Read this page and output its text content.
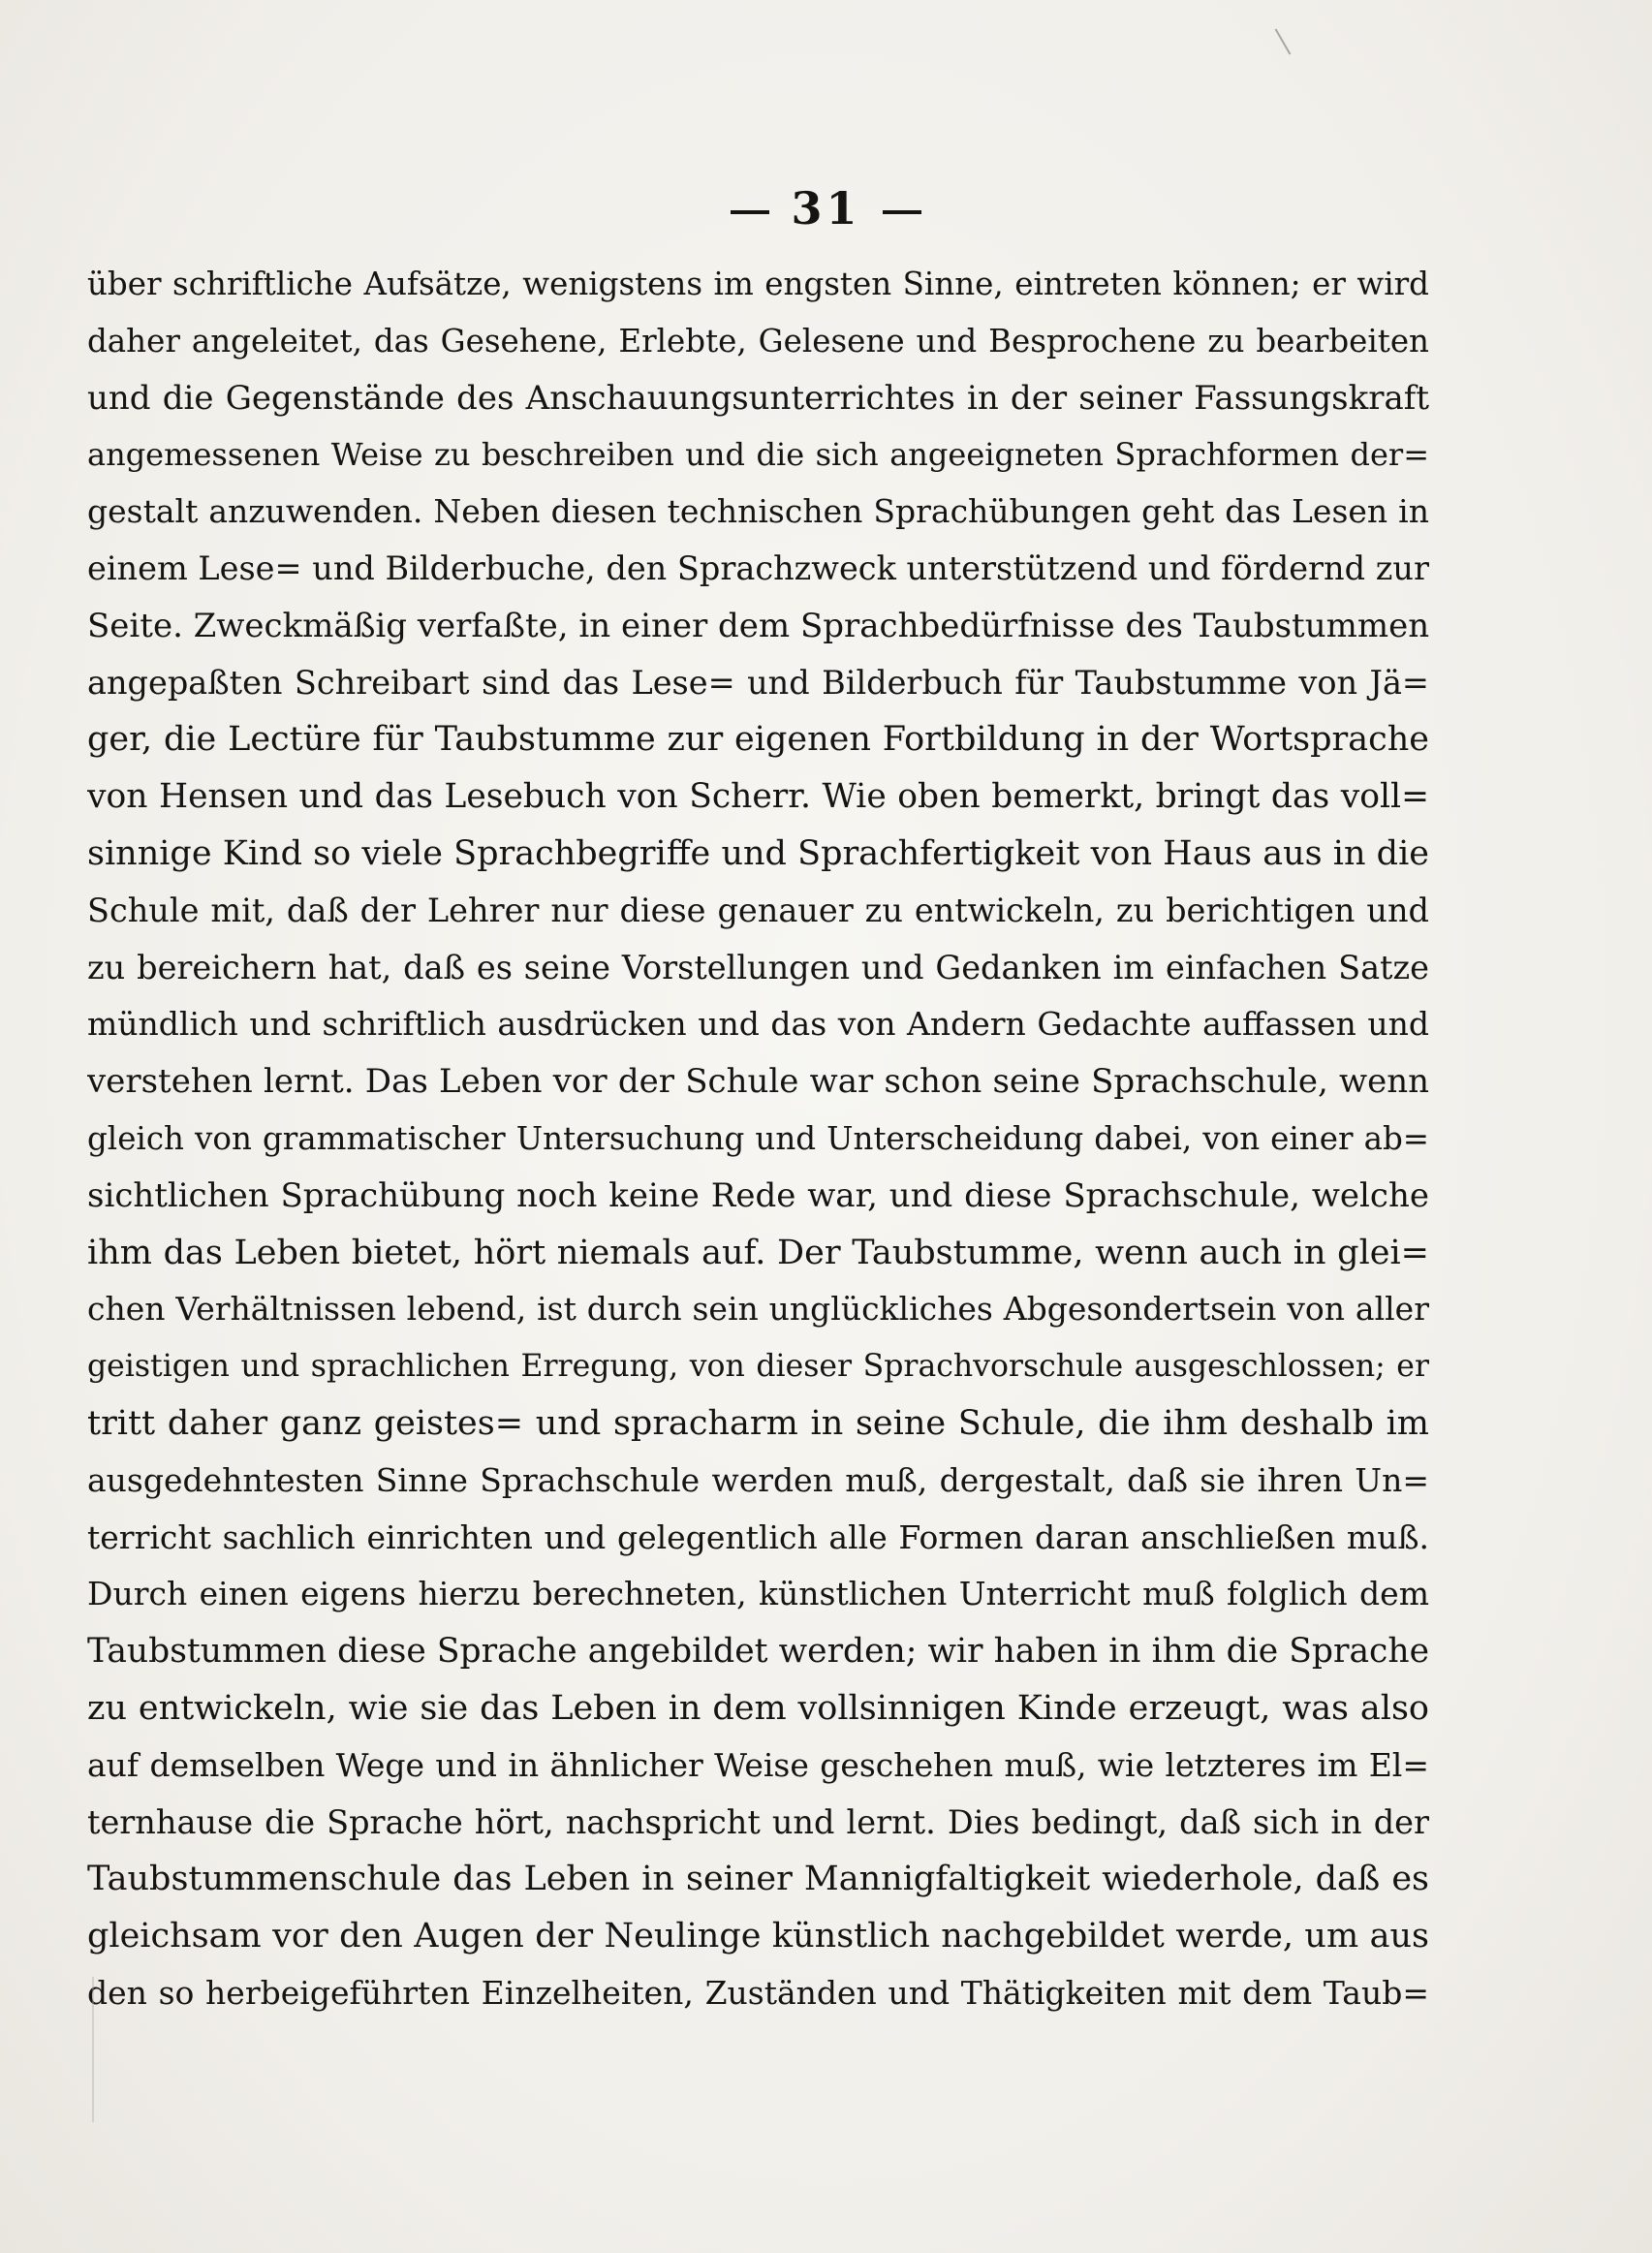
31
über schriftliche Aufsätze, wenigstens im engsten Sinne, eintreten können; er wird
daher angeleitet, das Gesehene, Erlebte, Gelesene und Besprochene zu bearbeiten
und die Gegenstände des Anschauungsunterrichtes in der seiner Fassungskraft
angemessenen Weise zu beschreiben und die sich angeeigneten Sprachformen der=
gestalt anzuwenden. Neben diesen technischen Sprachübungen geht das Lesen in
einem Lese= und Bilderbuche, den Sprachzweck unterstützend und fördernd zur
Seite. Zweckmäßig verfaßte, in einer dem Sprachbedürfnisse des Taubstummen
angepaßten Schreibart sind das Lese= und Bilderbuch für Taubstumme von Jä=
ger, die Lectüre für Taubstumme zur eigenen Fortbildung in der Wortsprache
von Hensen und das Lesebuch von Scherr. Wie oben bemerkt, bringt das voll=
sinnige Kind so viele Sprachbegriffe und Sprachfertigkeit von Haus aus in die
Schule mit, daß der Lehrer nur diese genauer zu entwickeln, zu berichtigen und
zu bereichern hat, daß es seine Vorstellungen und Gedanken im einfachen Satze
mündlich und schriftlich ausdrücken und das von Andern Gedachte auffassen und
verstehen lernt. Das Leben vor der Schule war schon seine Sprachschule, wenn
gleich von grammatischer Untersuchung und Unterscheidung dabei, von einer ab=
sichtlichen Sprachübung noch keine Rede war, und diese Sprachschule, welche
ihm das Leben bietet, hört niemals auf. Der Taubstumme, wenn auch in glei=
chen Verhältnissen lebend, ist durch sein unglückliches Abgesondertsein von aller
geistigen und sprachlichen Erregung, von dieser Sprachvorschule ausgeschlossen; er
tritt daher ganz geistes= und spracharm in seine Schule, die ihm deshalb im
ausgedehntesten Sinne Sprachschule werden muß, dergestalt, daß sie ihren Un=
terricht sachlich einrichten und gelegentlich alle Formen daran anschließen muß.
Durch einen eigens hierzu berechneten, künstlichen Unterricht muß folglich dem
Taubstummen diese Sprache angebildet werden; wir haben in ihm die Sprache
zu entwickeln, wie sie das Leben in dem vollsinnigen Kinde erzeugt, was also
auf demselben Wege und in ähnlicher Weise geschehen muß, wie letzteres im El=
ternhause die Sprache hört, nachspricht und lernt. Dies bedingt, daß sich in der
Taubstummenschule das Leben in seiner Mannigfaltigkeit wiederhole, daß es
gleichsam vor den Augen der Neulinge künstlich nachgebildet werde, um aus
den so herbeigeführten Einzelheiten, Zuständen und Thätigkeiten mit dem Taub=
